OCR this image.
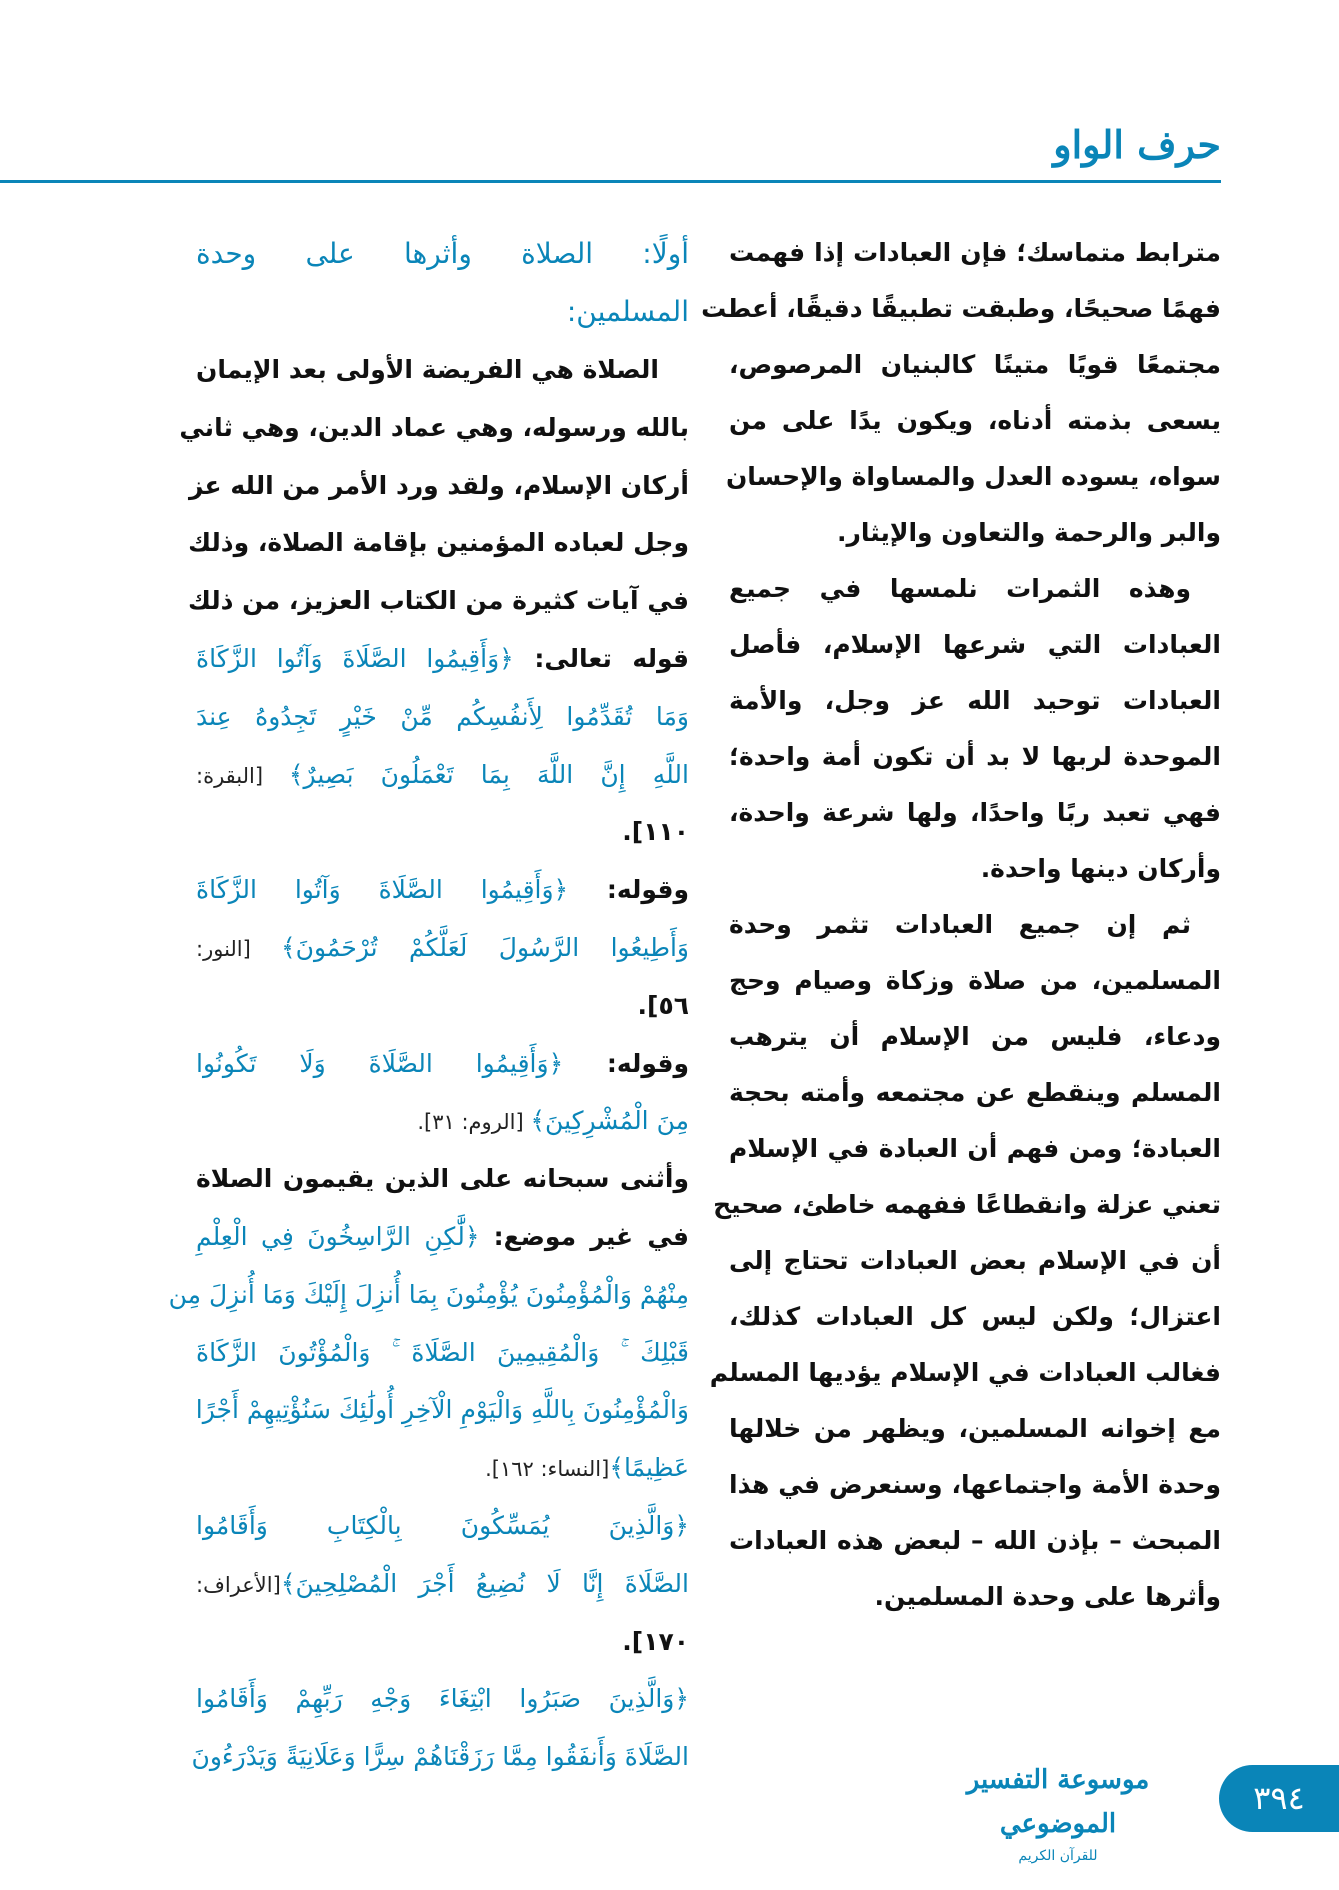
حرف الواو
مترابط متماسك؛ فإن العبادات إذا فهمت
فهمًا صحيحًا، وطبقت تطبيقًا دقيقًا، أعطت
مجتمعًا قويًا متينًا كالبنيان المرصوص،
يسعى بذمته أدناه، ويكون يدًا على من
سواه، يسوده العدل والمساواة والإحسان
والبر والرحمة والتعاون والإيثار.
وهذه الثمرات نلمسها في جميع
العبادات التي شرعها الإسلام، فأصل
العبادات توحيد الله عز وجل، والأمة
الموحدة لربها لا بد أن تكون أمة واحدة؛
فهي تعبد ربًا واحدًا، ولها شرعة واحدة،
وأركان دينها واحدة.
ثم إن جميع العبادات تثمر وحدة
المسلمين، من صلاة وزكاة وصيام وحج
ودعاء، فليس من الإسلام أن يترهب
المسلم وينقطع عن مجتمعه وأمته بحجة
العبادة؛ ومن فهم أن العبادة في الإسلام
تعني عزلة وانقطاعًا ففهمه خاطئ، صحيح
أن في الإسلام بعض العبادات تحتاج إلى
اعتزال؛ ولكن ليس كل العبادات كذلك،
فغالب العبادات في الإسلام يؤديها المسلم
مع إخوانه المسلمين، ويظهر من خلالها
وحدة الأمة واجتماعها، وسنعرض في هذا
المبحث – بإذن الله – لبعض هذه العبادات
وأثرها على وحدة المسلمين.
أولًا: الصلاة وأثرها على وحدة
المسلمين:
الصلاة هي الفريضة الأولى بعد الإيمان
بالله ورسوله، وهي عماد الدين، وهي ثاني
أركان الإسلام، ولقد ورد الأمر من الله عز
وجل لعباده المؤمنين بإقامة الصلاة، وذلك
في آيات كثيرة من الكتاب العزيز، من ذلك
قوله تعالى: ﴿وَأَقِيمُوا الصَّلَاةَ وَآتُوا الزَّكَاةَ
وَمَا تُقَدِّمُوا لِأَنفُسِكُم مِّنْ خَيْرٍ تَجِدُوهُ عِندَ
اللَّهِ إِنَّ اللَّهَ بِمَا تَعْمَلُونَ بَصِيرٌ﴾ [البقرة:
١١٠].
وقوله: ﴿وَأَقِيمُوا الصَّلَاةَ وَآتُوا الزَّكَاةَ
وَأَطِيعُوا الرَّسُولَ لَعَلَّكُمْ تُرْحَمُونَ﴾ [النور:
٥٦].
وقوله: ﴿وَأَقِيمُوا الصَّلَاةَ وَلَا تَكُونُوا
مِنَ الْمُشْرِكِينَ﴾ [الروم: ٣١].
وأثنى سبحانه على الذين يقيمون الصلاة
في غير موضع: ﴿لَّٰكِنِ الرَّاسِخُونَ فِي الْعِلْمِ
مِنْهُمْ وَالْمُؤْمِنُونَ يُؤْمِنُونَ بِمَا أُنزِلَ إِلَيْكَ وَمَا أُنزِلَ مِن
قَبْلِكَ ۚ وَالْمُقِيمِينَ الصَّلَاةَ ۚ وَالْمُؤْتُونَ الزَّكَاةَ
وَالْمُؤْمِنُونَ بِاللَّهِ وَالْيَوْمِ الْآخِرِ أُولَٰئِكَ سَنُؤْتِيهِمْ أَجْرًا
عَظِيمًا﴾[النساء: ١٦٢].
﴿وَالَّذِينَ يُمَسِّكُونَ بِالْكِتَابِ وَأَقَامُوا
الصَّلَاةَ إِنَّا لَا نُضِيعُ أَجْرَ الْمُصْلِحِينَ﴾[الأعراف:
١٧٠].
﴿وَالَّذِينَ صَبَرُوا ابْتِغَاءَ وَجْهِ رَبِّهِمْ وَأَقَامُوا
الصَّلَاةَ وَأَنفَقُوا مِمَّا رَزَقْنَاهُمْ سِرًّا وَعَلَانِيَةً وَيَدْرَءُونَ
موسوعة التفسير الموضوعي
للقرآن الكريم
٣٩٤
